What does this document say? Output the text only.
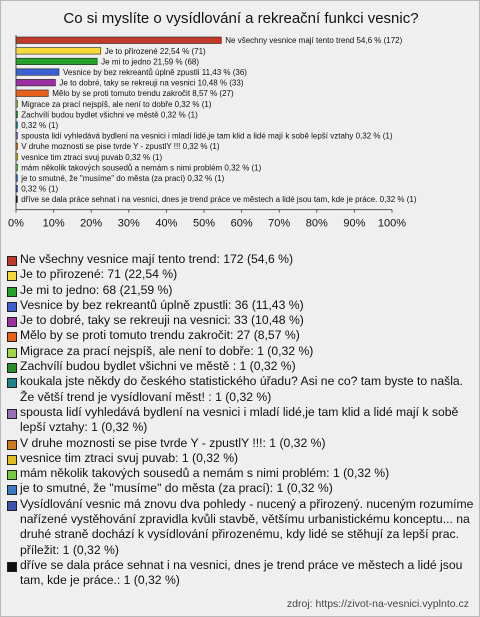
Co si myslíte o vysídlování a rekreační funkci vesnic?
Ne všechny vesnice mají tento trend 54,6 % (172)
Je to přirozené 22,54 % (71)
Je mi to jedno 21,59 % (68)
Vesnice by bez rekreantů úplně zpustli 11,43 % (36)
Je to dobré, taky se rekreuji na vesnici 10,48 % (33)
Mělo by se proti tomuto trendu zakročit 8,57 % (27)
Migrace za prací nejspíš, ale není to dobře 0,32 % (1)
Zachvílí budou bydlet všichni ve městě 0,32 % (1)
0,32 % (1)
spousta lidí vyhledává bydlení na vesnici i mladí lidé,je tam klid a lidé mají k sobě lepší vztahy 0,32 % (1)
V druhe moznosti se pise tvrde Y - zpustlY !!! 0,32 % (1)
vesnice tim ztraci svuj puvab 0,32 % (1)
mám několik takových sousedů a nemám s nimi problém 0,32 % (1)
je to smutné, že "musíme" do města (za prací) 0,32 % (1)
0,32 % (1)
dříve se dala práce sehnat i na vesnici, dnes je trend práce ve městech a lidé jsou tam, kde je práce. 0,32 % (1)
0% 10% 20% 30% 40% 50% 60% 70% 80% 90% 100%
Ne všechny vesnice mají tento trend: 172 (54,6 %)
Je to přirozené: 71 (22,54 %)
Je mi to jedno: 68 (21,59 %)
Vesnice by bez rekreantů úplně zpustli: 36 (11,43 %)
Je to dobré, taky se rekreuji na vesnici: 33 (10,48 %)
Mělo by se proti tomuto trendu zakročit: 27 (8,57 %)
Migrace za prací nejspíš, ale není to dobře: 1 (0,32 %)
Zachvílí budou bydlet všichni ve městě : 1 (0,32 %)
koukala jste někdy do českého statistického úřadu? Asi ne co? tam byste to našla. Že větší trend je vysídlovaní měst! : 1 (0,32 %)
spousta lidí vyhledává bydlení na vesnici i mladí lidé,je tam klid a lidé mají k sobě lepší vztahy: 1 (0,32 %)
V druhe moznosti se pise tvrde Y - zpustlY !!!: 1 (0,32 %)
vesnice tim ztraci svuj puvab: 1 (0,32 %)
mám několik takových sousedů a nemám s nimi problém: 1 (0,32 %)
je to smutné, že "musíme" do města (za prací): 1 (0,32 %)
Vysídlování vesnic má znovu dva pohledy - nucený a přirozený. nuceným rozumíme nařízené vystěhování zpravidla kvůli stavbě, většímu urbanistickému konceptu... na druhé straně dochází k vysídlování přirozenému, kdy lidé se stěhují za lepší prac. příležit: 1 (0,32 %)
dříve se dala práce sehnat i na vesnici, dnes je trend práce ve městech a lidé jsou tam, kde je práce.: 1 (0,32 %)
zdroj: https://zivot-na-vesnici.vyplnto.cz
